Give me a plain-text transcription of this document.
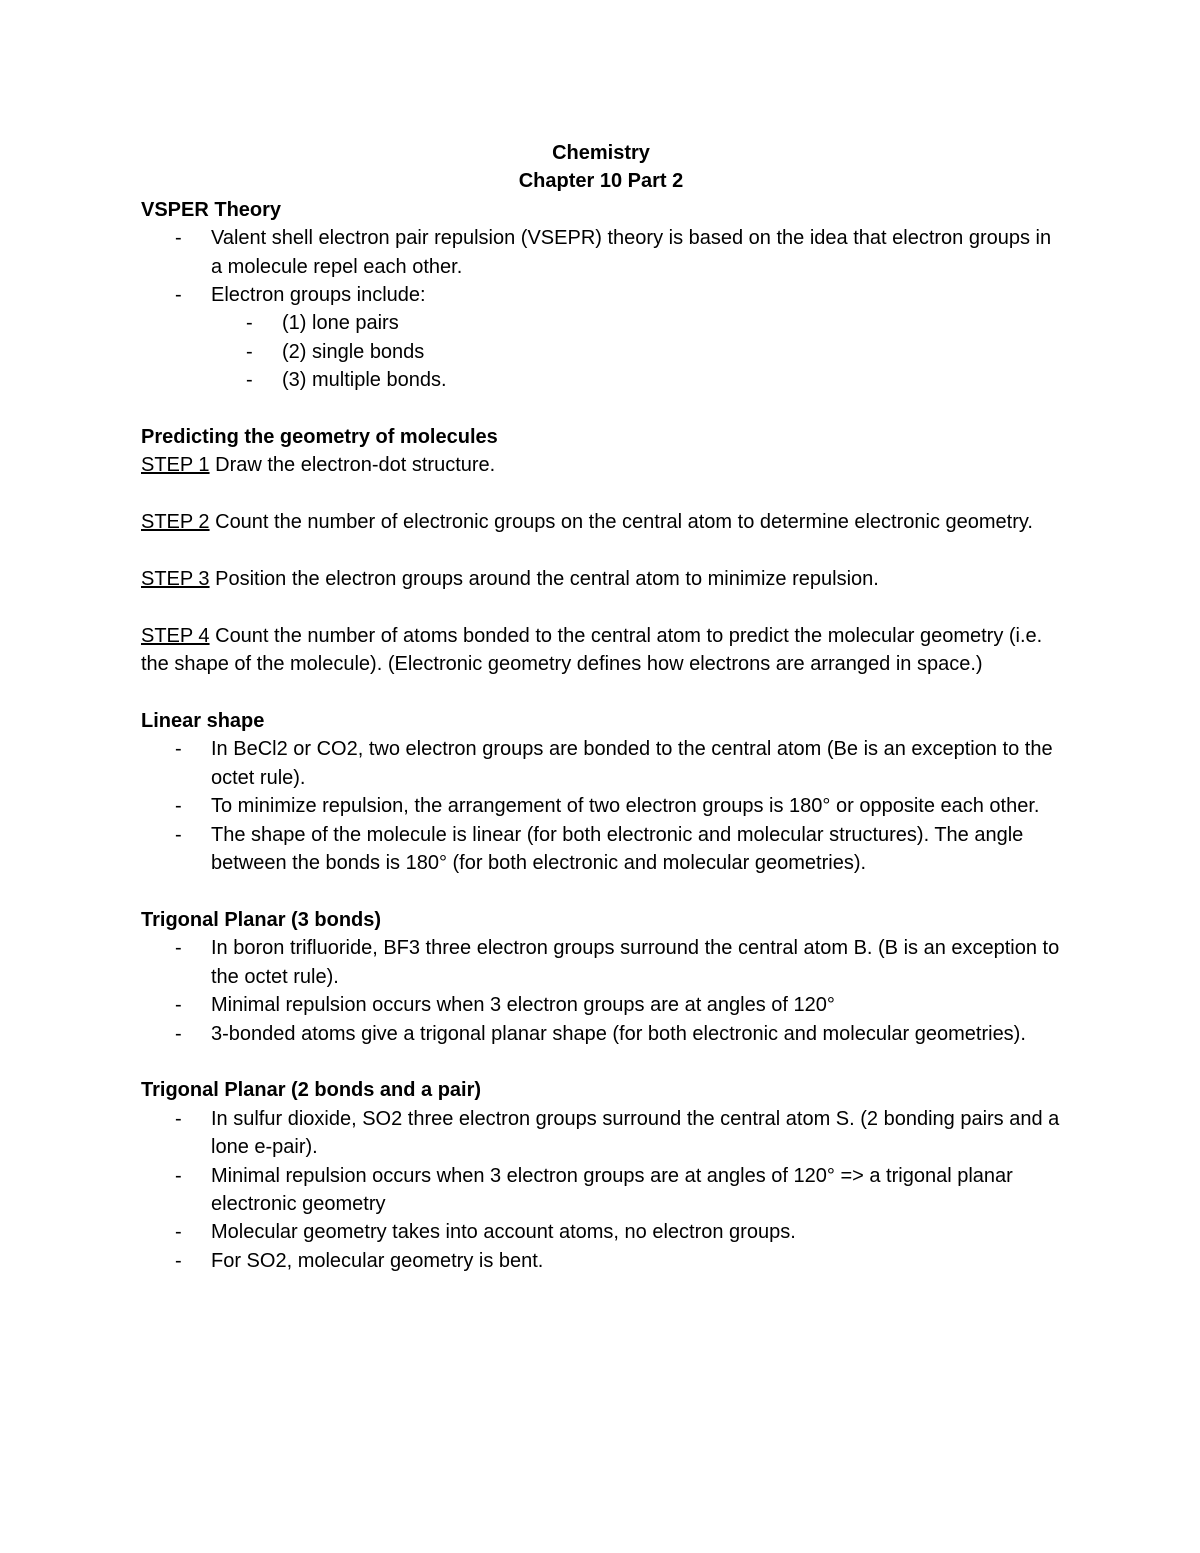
Chemistry

Chapter 10 Part 2

VSPER Theory

- Valent shell electron pair repulsion (VSEPR) theory is based on the idea that electron groups in a molecule repel each other.
- Electron groups include:
- (1) lone pairs
- (2) single bonds
- (3) multiple bonds.

Predicting the geometry of molecules

STEP 1 Draw the electron-dot structure.

STEP 2 Count the number of electronic groups on the central atom to determine electronic geometry.

STEP 3 Position the electron groups around the central atom to minimize repulsion.

STEP 4 Count the number of atoms bonded to the central atom to predict the molecular geometry (i.e. the shape of the molecule). (Electronic geometry defines how electrons are arranged in space.)

Linear shape

- In BeCl2 or CO2, two electron groups are bonded to the central atom (Be is an exception to the octet rule).
- To minimize repulsion, the arrangement of two electron groups is 180° or opposite each other.
- The shape of the molecule is linear (for both electronic and molecular structures). The angle between the bonds is 180° (for both electronic and molecular geometries).

Trigonal Planar (3 bonds)

- In boron trifluoride, BF3 three electron groups surround the central atom B. (B is an exception to the octet rule).
- Minimal repulsion occurs when 3 electron groups are at angles of 120°
- 3-bonded atoms give a trigonal planar shape (for both electronic and molecular geometries).

Trigonal Planar (2 bonds and a pair)

- In sulfur dioxide, SO2 three electron groups surround the central atom S. (2 bonding pairs and a lone e-pair).
- Minimal repulsion occurs when 3 electron groups are at angles of 120° => a trigonal planar electronic geometry
- Molecular geometry takes into account atoms, no electron groups.
- For SO2, molecular geometry is bent.
